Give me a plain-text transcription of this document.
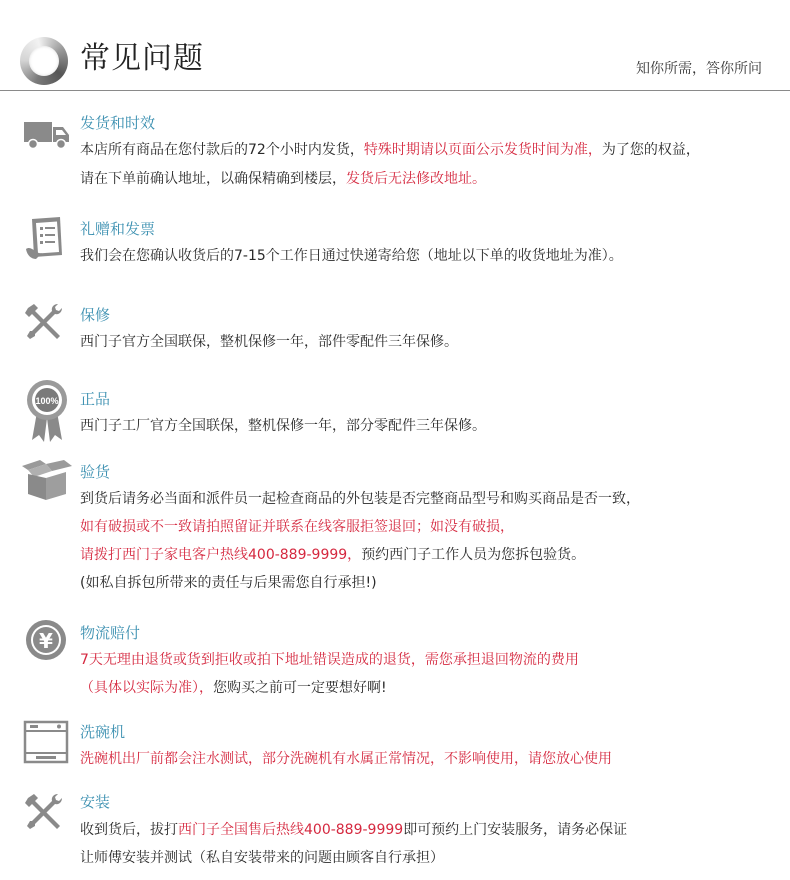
常见问题	知你所需，答你所问
发货和时效
本店所有商品在您付款后的72个小时内发货，特殊时期请以页面公示发货时间为准，为了您的权益，
请在下单前确认地址，以确保精确到楼层，发货后无法修改地址。
礼赠和发票
我们会在您确认收货后的7-15个工作日通过快递寄给您（地址以下单的收货地址为准）。
保修
西门子官方全国联保，整机保修一年，部件零配件三年保修。
100% 正品
西门子工厂官方全国联保，整机保修一年，部分零配件三年保修。
验货
到货后请务必当面和派件员一起检查商品的外包装是否完整商品型号和购买商品是否一致，
如有破损或不一致请拍照留证并联系在线客服拒签退回；如没有破损，
请拨打西门子家电客户热线400-889-9999，预约西门子工作人员为您拆包验货。
(如私自拆包所带来的责任与后果需您自行承担!)
¥ 物流赔付
7天无理由退货或货到拒收或拍下地址错误造成的退货，需您承担退回物流的费用
（具体以实际为准），您购买之前可一定要想好啊!
洗碗机
洗碗机出厂前都会注水测试，部分洗碗机有水属正常情况，不影响使用，请您放心使用
安装
收到货后，拔打西门子全国售后热线400-889-9999即可预约上门安装服务，请务必保证
让师傅安装并测试（私自安装带来的问题由顾客自行承担）
